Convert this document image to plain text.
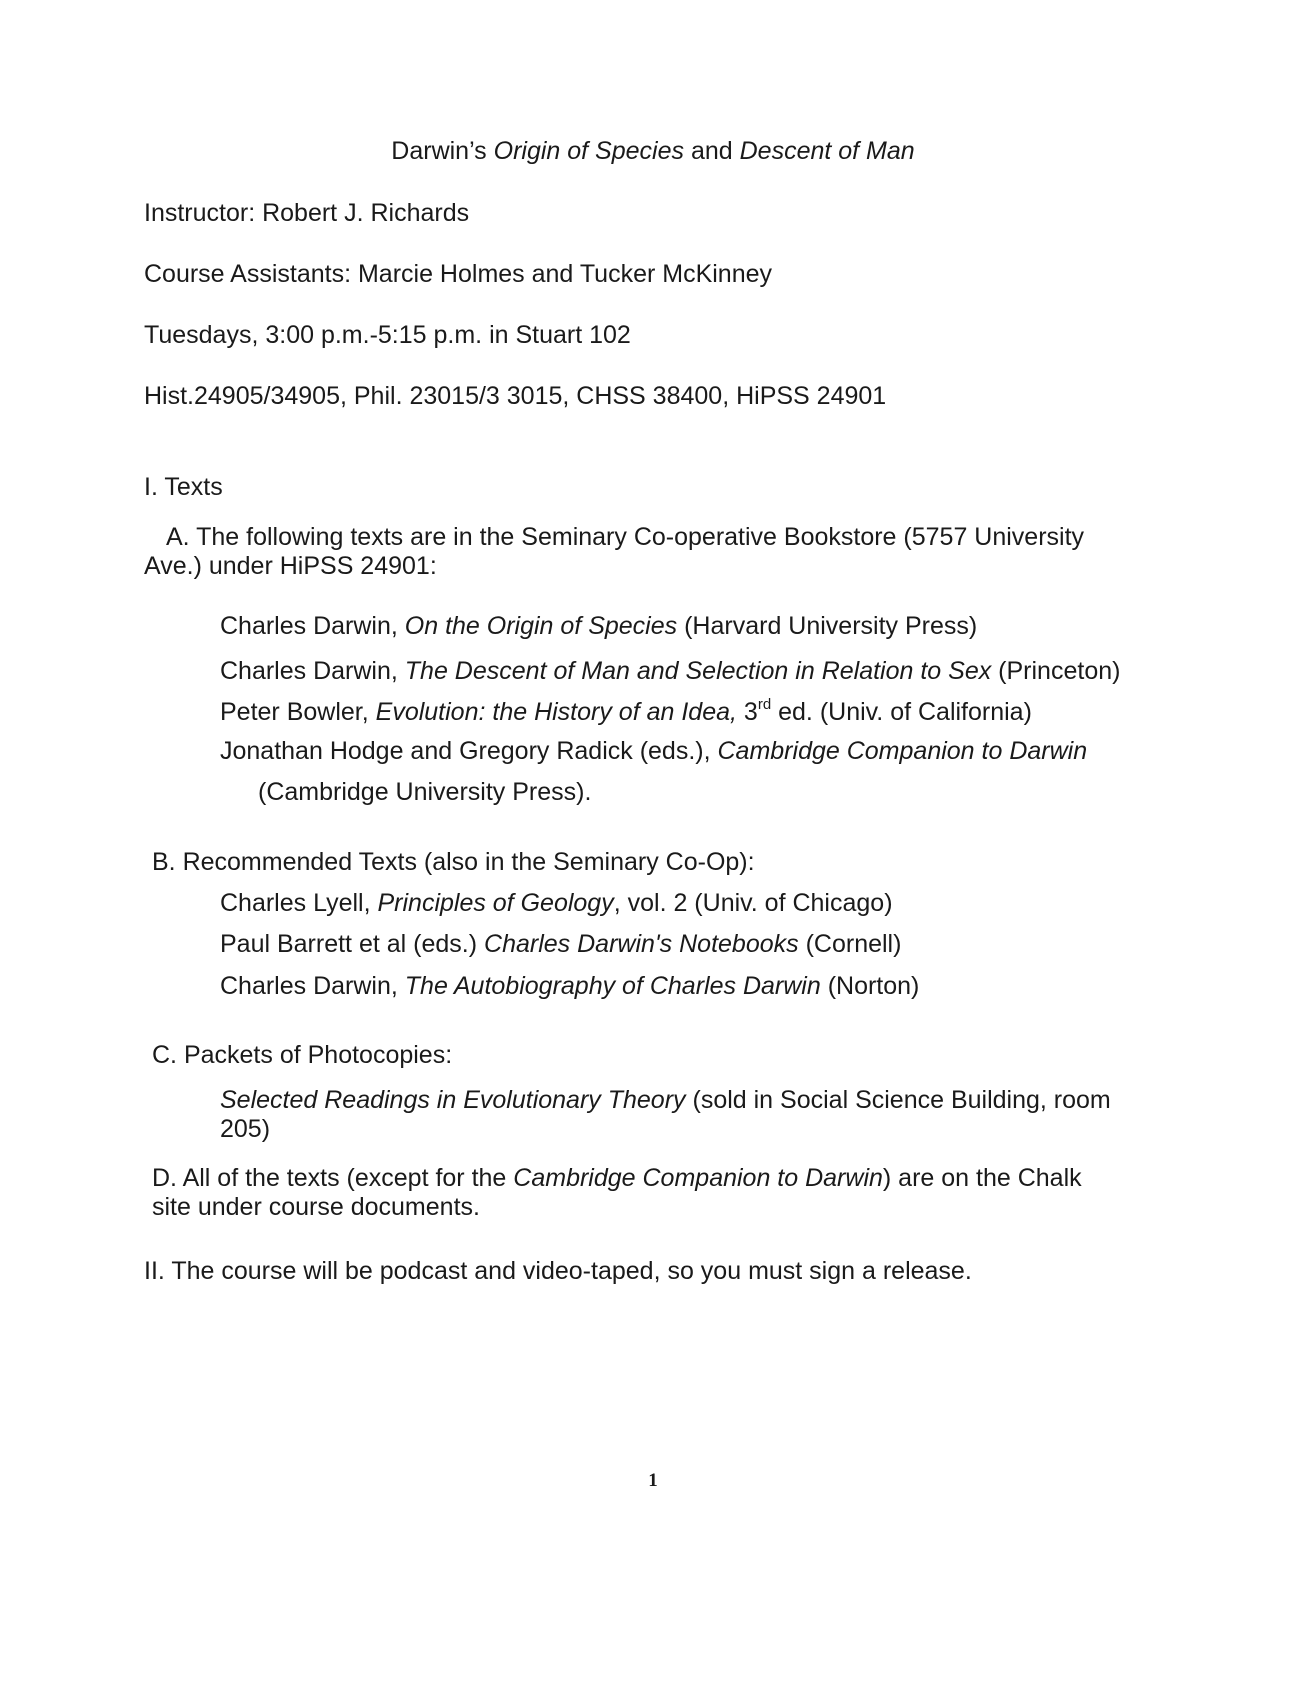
Darwin’s Origin of Species and Descent of Man
Instructor: Robert J. Richards
Course Assistants: Marcie Holmes and Tucker McKinney
Tuesdays, 3:00 p.m.-5:15 p.m. in Stuart 102
Hist.24905/34905, Phil. 23015/3 3015, CHSS 38400, HiPSS 24901
I. Texts
A. The following texts are in the Seminary Co-operative Bookstore (5757 University
Ave.) under HiPSS 24901:
Charles Darwin, On the Origin of Species (Harvard University Press)
Charles Darwin, The Descent of Man and Selection in Relation to Sex (Princeton)
Peter Bowler, Evolution: the History of an Idea, 3rd ed. (Univ. of California)
Jonathan Hodge and Gregory Radick (eds.), Cambridge Companion to Darwin
(Cambridge University Press).
B. Recommended Texts (also in the Seminary Co-Op):
Charles Lyell, Principles of Geology, vol. 2 (Univ. of Chicago)
Paul Barrett et al (eds.) Charles Darwin's Notebooks (Cornell)
Charles Darwin, The Autobiography of Charles Darwin (Norton)
C. Packets of Photocopies:
Selected Readings in Evolutionary Theory (sold in Social Science Building, room
205)
D. All of the texts (except for the Cambridge Companion to Darwin) are on the Chalk
site under course documents.
II. The course will be podcast and video-taped, so you must sign a release.
1
